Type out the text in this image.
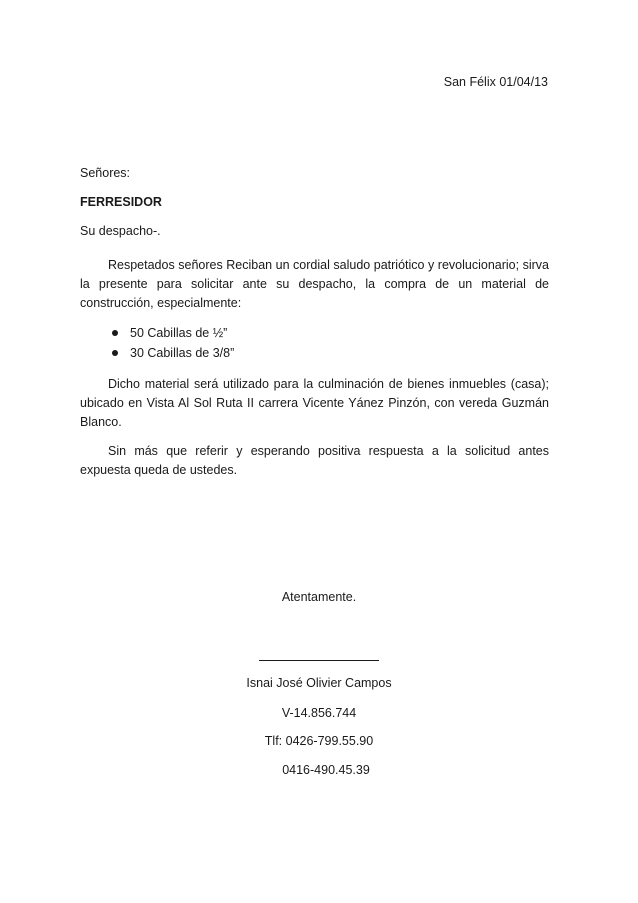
San Félix 01/04/13

Señores:

FERRESIDOR

Su despacho-.

Respetados señores Reciban un cordial saludo patriótico y revolucionario; sirva la presente para solicitar ante su despacho, la compra de un material de construcción, especialmente:

50 Cabillas de ½”
30 Cabillas de 3/8”

Dicho material será utilizado para la culminación de bienes inmuebles (casa); ubicado en Vista Al Sol Ruta II carrera Vicente Yánez Pinzón, con vereda Guzmán Blanco.

Sin más que referir y esperando positiva respuesta a la solicitud antes expuesta queda de ustedes.

Atentamente.
Isnai José Olivier Campos
V-14.856.744
Tlf: 0426-799.55.90
0416-490.45.39
